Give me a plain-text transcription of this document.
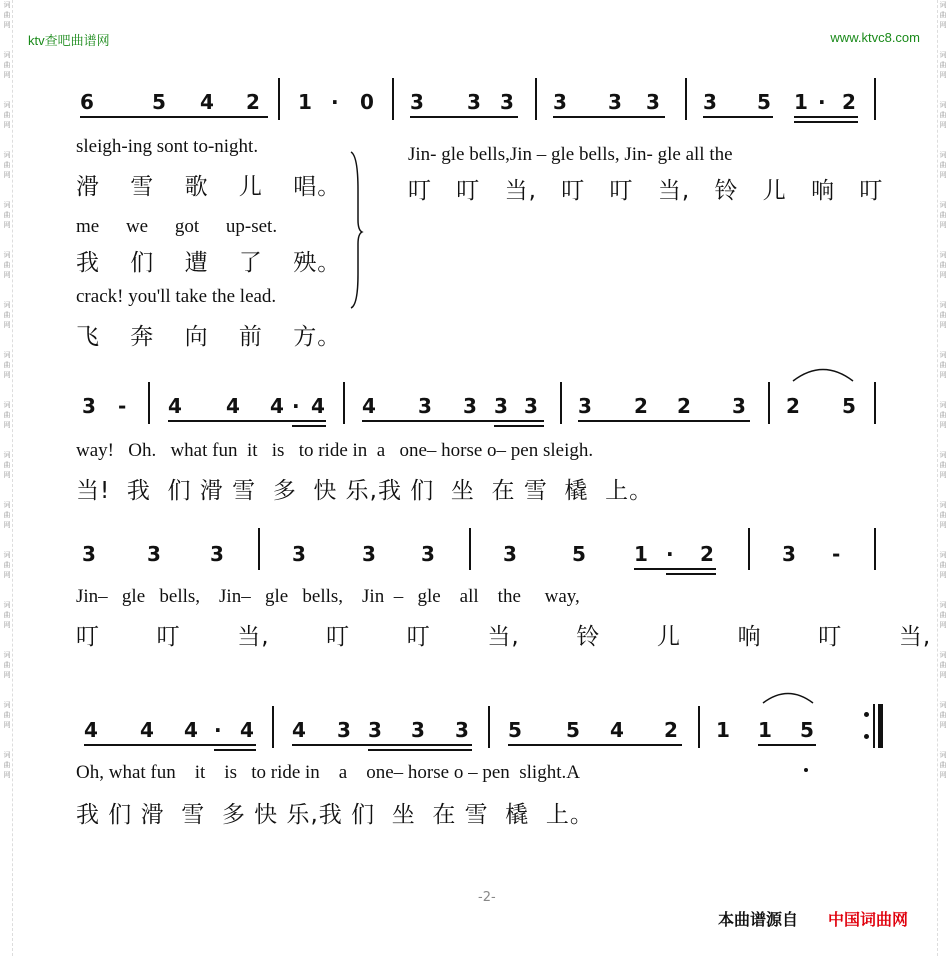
词
曲
网

词
曲
网

词
曲
网

词
曲
网

词
曲
网

词
曲
网

词
曲
网

词
曲
网

词
曲
网

词
曲
网

词
曲
网

词
曲
网

词
曲
网

词
曲
网

词
曲
网

词
曲
网

词
曲
网

词
曲
网

词
曲
网

词
曲
网

词
曲
网

词
曲
网

词
曲
网

词
曲
网

词
曲
网

词
曲
网

词
曲
网

词
曲
网

词
曲
网

词
曲
网

词
曲
网

词
曲
网

ktv查吧曲谱网	www.ktvc8.com
6	5 4 2 1 · 0 3 3 3 3 3 3 3 5 1 · 2
sleigh-ing sont to-night.
滑 雪 歌 儿 唱。
me we got up-set.
我 们 遭 了 殃。
crack! you'll take the lead.
飞 奔 向 前 方。
Jin- gle bells,Jin – gle bells, Jin- gle all the
叮 叮 当, 叮 叮 当, 铃 儿 响 叮
3 - 4 4 4 · 4 4 3 3 3 3 3 2 2 3 2 5
way!   Oh.   what fun  it   is   to ride in  a   one– horse o– pen sleigh.
当!  我  们 滑 雪  多  快 乐,我 们  坐  在 雪  橇  上。
3	3 3	3	3 3	3	5 1 · 2	3 -
Jin–   gle   bells,    Jin–   gle   bells,    Jin  –   gle    all    the     way,
叮  叮  当,  叮  叮  当,  铃  儿  响  叮  当,
4 4 4 · 4 4 3 3 3 3 5 5 4 2 1 1 5
Oh, what fun    it    is   to ride in    a    one– horse o – pen  slight.A
我 们 滑  雪  多 快 乐,我 们  坐  在 雪  橇  上。
-2-
本曲谱源自 中国词曲网
